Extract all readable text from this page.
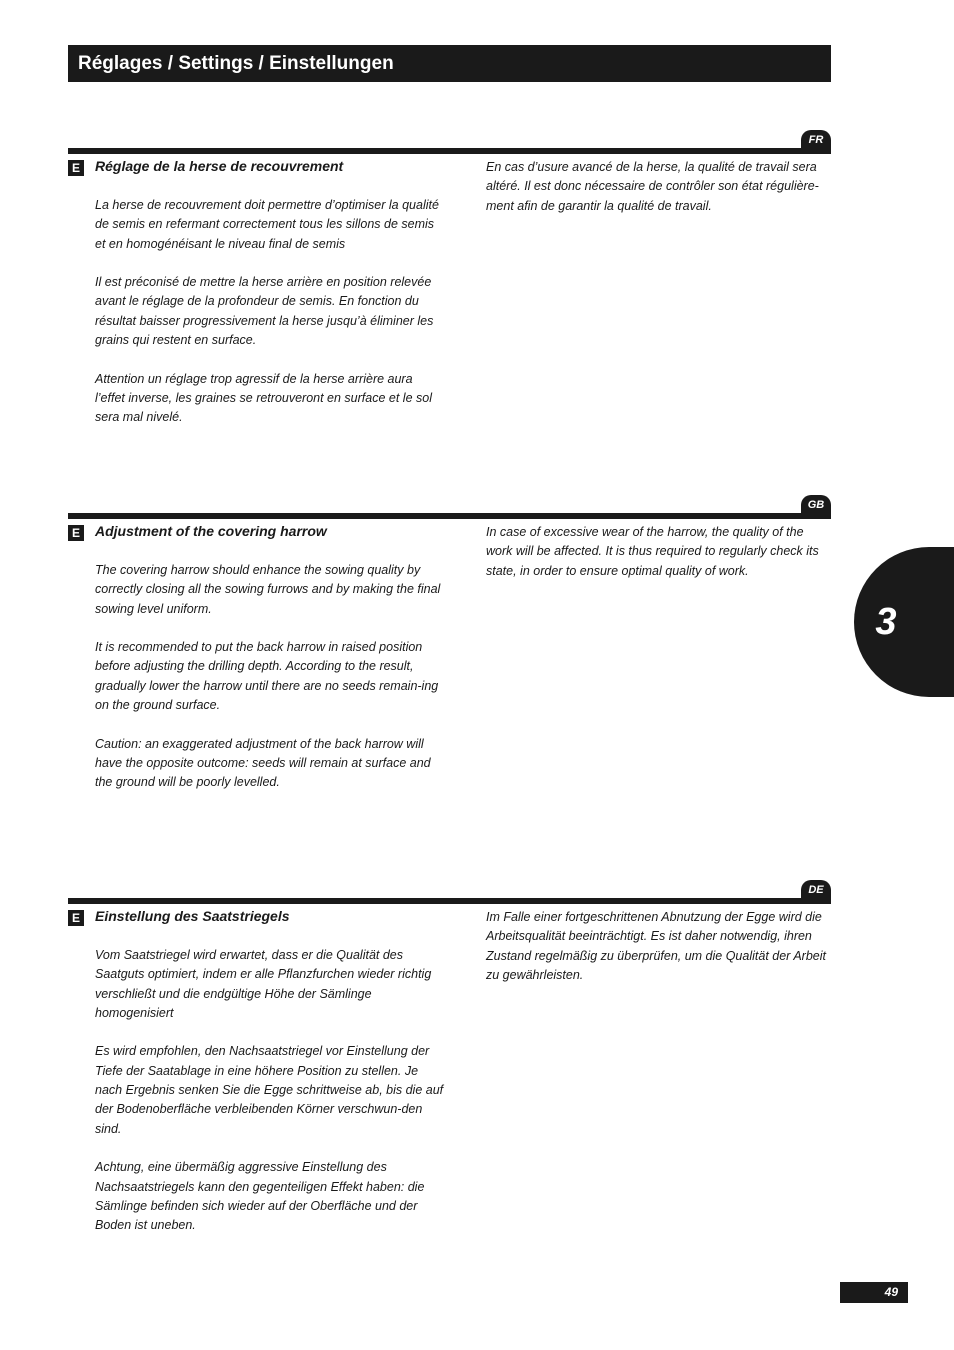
Réglages / Settings / Einstellungen
FR
E Réglage de la herse de recouvrement

La herse de recouvrement doit permettre d’optimiser la qualité de semis en refermant correctement tous les sillons de semis et en homogénéisant le niveau final de semis

Il est préconisé de mettre la herse arrière en position relevée avant le réglage de la profondeur de semis. En fonction du résultat baisser progressivement la herse jusqu’à éliminer les grains qui restent en surface.

Attention un réglage trop agressif de la herse arrière aura l’effet inverse, les graines se retrouveront en surface et le sol sera mal nivelé.

En cas d’usure avancé de la herse, la qualité de travail sera altéré. Il est donc nécessaire de contrôler son état régulière-ment afin de garantir la qualité de travail.

GB
E Adjustment of the covering harrow

The covering harrow should enhance the sowing quality by correctly closing all the sowing furrows and by making the final sowing level uniform.

It is recommended to put the back harrow in raised position before adjusting the drilling depth. According to the result, gradually lower the harrow until there are no seeds remain-ing on the ground surface.

Caution: an exaggerated adjustment of the back harrow will have the opposite outcome: seeds will remain at surface and the ground will be poorly levelled.

In case of excessive wear of the harrow, the quality of the work will be affected. It is thus required to regularly check its state, in order to ensure optimal quality of work.

DE
E Einstellung des Saatstriegels

Vom Saatstriegel wird erwartet, dass er die Qualität des Saatguts optimiert, indem er alle Pflanzfurchen wieder richtig verschließt und die endgültige Höhe der Sämlinge homogenisiert

Es wird empfohlen, den Nachsaatstriegel vor Einstellung der Tiefe der Saatablage in eine höhere Position zu stellen. Je nach Ergebnis senken Sie die Egge schrittweise ab, bis die auf der Bodenoberfläche verbleibenden Körner verschwun-den sind.

Achtung, eine übermäßig aggressive Einstellung des Nachsaatstriegels kann den gegenteiligen Effekt haben: die Sämlinge befinden sich wieder auf der Oberfläche und der Boden ist uneben.

Im Falle einer fortgeschrittenen Abnutzung der Egge wird die Arbeitsqualität beeinträchtigt. Es ist daher notwendig, ihren Zustand regelmäßig zu überprüfen, um die Qualität der Arbeit zu gewährleisten.

3
49
